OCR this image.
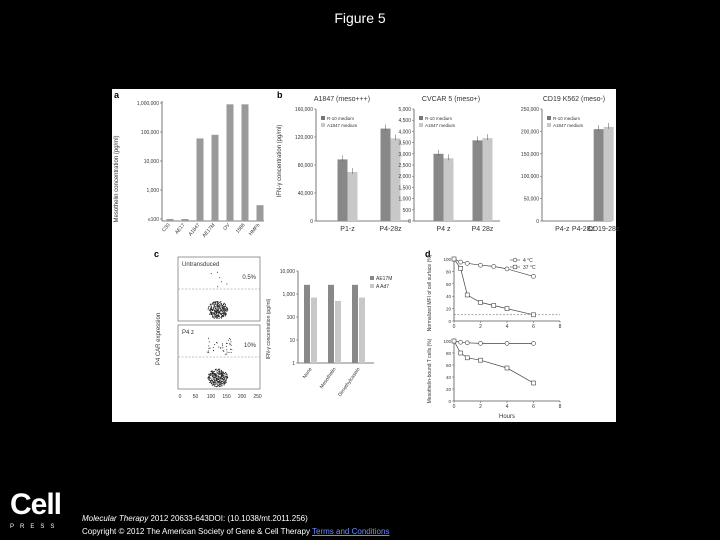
Figure 5
a	b
c	d
Mesothelin concentration (pg/ml)
1,000,000
100,000
10,000
1,000
≤100
C30 AE17 A1847 AE17M OV 1586 HMPh
IFN-γ concentration (pg/ml)
A1847 (meso+++)
160,000
120,000
80,000
40,000
0
R-10 medium
A1847 medium
P1-z	P4-28z
CVCAR 5 (meso+)
5,000
4,500
4,000
3,500
3,000
2,500
2,000
1,500
1,000
500
0
R-10 medium
A1847 medium
P4 z	P4 28z
CD19 K562 (meso-)
250,000
200,000
150,000
100,000
50,000
0
R-10 medium
A1847 medium
P4-z P4-28z
CD19-28z
P4 CAR expression
Untransduced
0.5%
P4 z
10%
0 50 100 150 200 250
10,000
1,000
100
10
1
AE17M
A Ad7
None Mesothelin Dimethylcasein
IFN-γ concentration (pg/ml)	Normalized MFI of cell surface (%)
Mesothelin-bound T cells (%)
100
80
60
40
20
0
0	2	4	6	8
4 °C
37 °C
100
80
60
40
20
0
0	2	4	6	8
Hours
Cell
PRESS
Molecular Therapy 2012 20633-643DOI: (10.1038/mt.2011.256)
Copyright © 2012 The American Society of Gene & Cell Therapy Terms and Conditions
